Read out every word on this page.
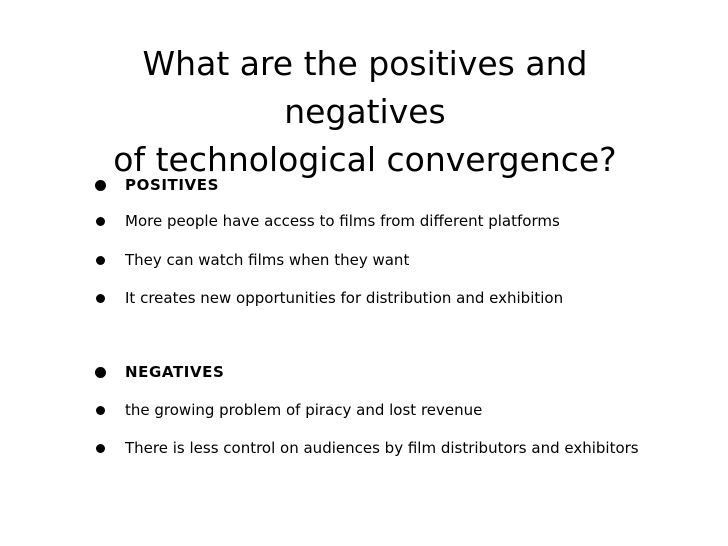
What are the positives and negatives
of technological convergence?
POSITIVES
More people have access to films from different platforms
They can watch films when they want
It creates new opportunities for distribution and exhibition
NEGATIVES
the growing problem of piracy and lost revenue
There is less control on audiences by film distributors and exhibitors
